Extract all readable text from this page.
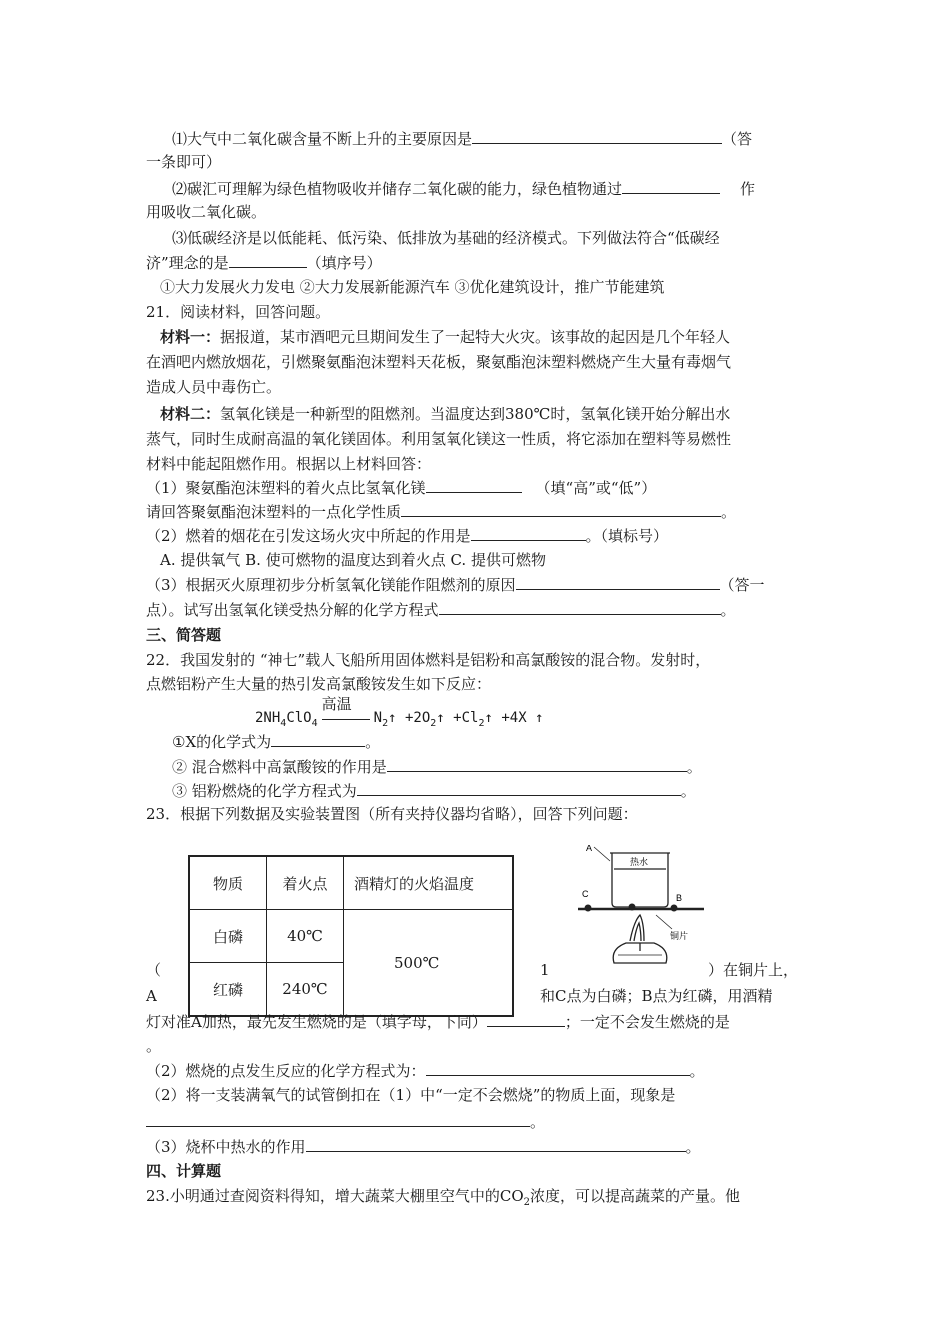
⑴大气中二氧化碳含量不断上升的主要原因是	（答
一条即可）
⑵碳汇可理解为绿色植物吸收并储存二氧化碳的能力，绿色植物通过	作
用吸收二氧化碳。
⑶低碳经济是以低能耗、低污染、低排放为基础的经济模式。下列做法符合“低碳经
济”理念的是	（填序号）
①大力发展火力发电 ②大力发展新能源汽车 ③优化建筑设计，推广节能建筑
21．阅读材料，回答问题。
材料一：据报道，某市酒吧元旦期间发生了一起特大火灾。该事故的起因是几个年轻人
在酒吧内燃放烟花，引燃聚氨酯泡沫塑料天花板，聚氨酯泡沫塑料燃烧产生大量有毒烟气
造成人员中毒伤亡。
材料二：氢氧化镁是一种新型的阻燃剂。当温度达到380℃时，氢氧化镁开始分解出水
蒸气，同时生成耐高温的氧化镁固体。利用氢氧化镁这一性质，将它添加在塑料等易燃性
材料中能起阻燃作用。根据以上材料回答：
（1）聚氨酯泡沫塑料的着火点比氢氧化镁	（填“高”或“低”）
请回答聚氨酯泡沫塑料的一点化学性质	。
（2）燃着的烟花在引发这场火灾中所起的作用是	。（填标号）
A. 提供氧气 B. 使可燃物的温度达到着火点 C. 提供可燃物
（3）根据灭火原理初步分析氢氧化镁能作阻燃剂的原因	（答一
点）。试写出氢氧化镁受热分解的化学方程式	。
三、简答题
22．我国发射的 “神七”载人飞船所用固体燃料是铝粉和高氯酸铵的混合物。发射时，
点燃铝粉产生大量的热引发高氯酸铵发生如下反应：
$2NH_4ClO_4$
高温
$N_2↑$ $+2O_2↑$ $+Cl_2↑ +4X$ ↑
①X的化学式为	。
② 混合燃料中高氯酸铵的作用是	。
③ 铝粉燃烧的化学方程式为	。
23．根据下列数据及实验装置图（所有夹持仪器均省略），回答下列问题：
物质	着火点	酒精灯的火焰温度
白磷	40℃	500℃
红磷	240℃	
A
C	B
热水
铜片
（	1	）在铜片上，
A	和C点为白磷；B点为红磷，用酒精
灯对准A加热，最先发生燃烧的是（填字母，下同）	；一定不会发生燃烧的是
。
（2）燃烧的点发生反应的化学方程式为：	。
（2）将一支装满氧气的试管倒扣在（1）中“一定不会燃烧”的物质上面，现象是
。
（3）烧杯中热水的作用	。
四、计算题
23.小明通过查阅资料得知，增大蔬菜大棚里空气中的$CO_2$浓度，可以提高蔬菜的产量。他
